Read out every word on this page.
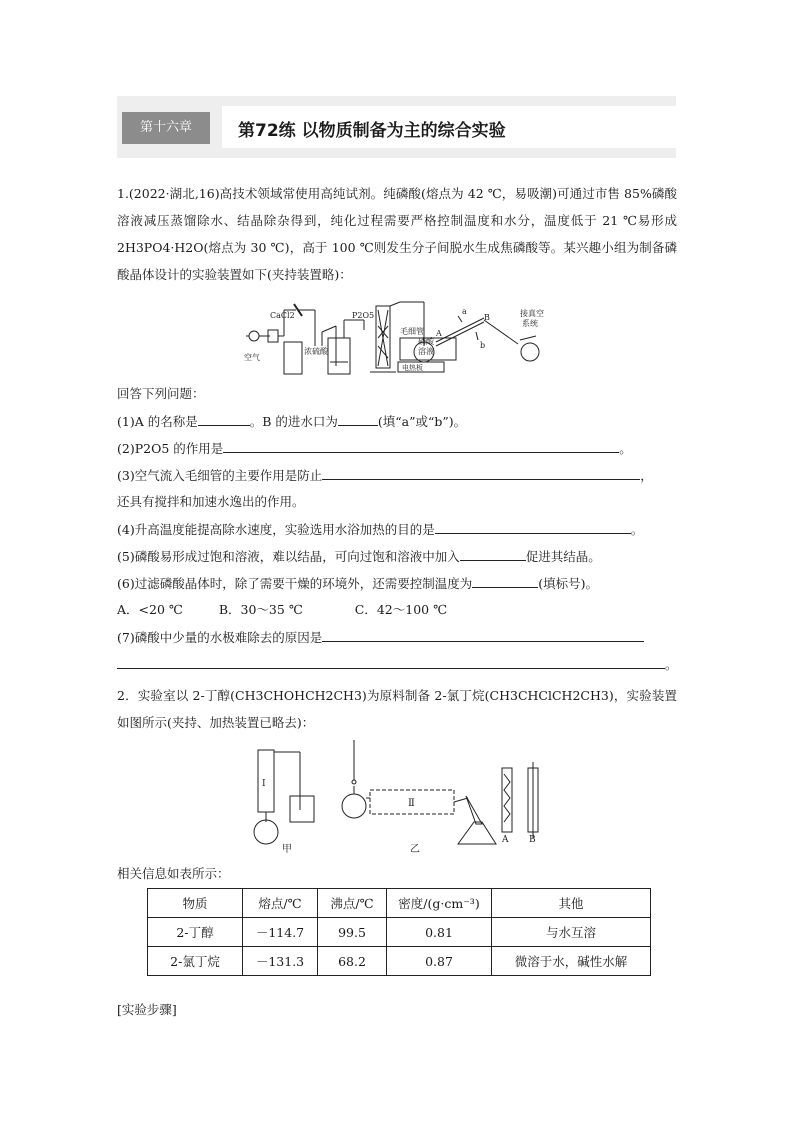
第十六章	第72练 以物质制备为主的综合实验
1.(2022·湖北,16)高技术领域常使用高纯试剂。纯磷酸(熔点为 42 ℃，易吸潮)可通过市售 85%磷酸溶液减压蒸馏除水、结晶除杂得到，纯化过程需要严格控制温度和水分，温度低于 21 ℃易形成 2H3PO4·H2O(熔点为 30 ℃)，高于 100 ℃则发生分子间脱水生成焦磷酸等。某兴趣小组为制备磷酸晶体设计的实验装置如下(夹持装置略)：
CaCl2
空气
浓硫酸
P2O5
毛细管 A
磷酸
溶液
电热板
B
a
b
接真空
系统
回答下列问题：
(1)A 的名称是	。B 的进水口为	(填“a”或“b”)。
(2)P2O5 的作用是	。
(3)空气流入毛细管的主要作用是防止	，
还具有搅拌和加速水逸出的作用。
(4)升高温度能提高除水速度，实验选用水浴加热的目的是	。
(5)磷酸易形成过饱和溶液，难以结晶，可向过饱和溶液中加入	促进其结晶。
(6)过滤磷酸晶体时，除了需要干燥的环境外，还需要控制温度为	(填标号)。
A．<20 ℃	B．30～35 ℃	C．42～100 ℃
(7)磷酸中少量的水极难除去的原因是
。
2．实验室以 2-丁醇(CH3CHOHCH2CH3)为原料制备 2-氯丁烷(CH3CHClCH2CH3)，实验装置如图所示(夹持、加热装置已略去)：
Ⅰ
Ⅱ
甲	乙
A B
相关信息如表所示：
物质	熔点/℃	沸点/℃	密度/(g·cm⁻³)	其他
2-丁醇	－114.7	99.5	0.81	与水互溶
2-氯丁烷	－131.3	68.2	0.87	微溶于水，碱性水解
[实验步骤]
